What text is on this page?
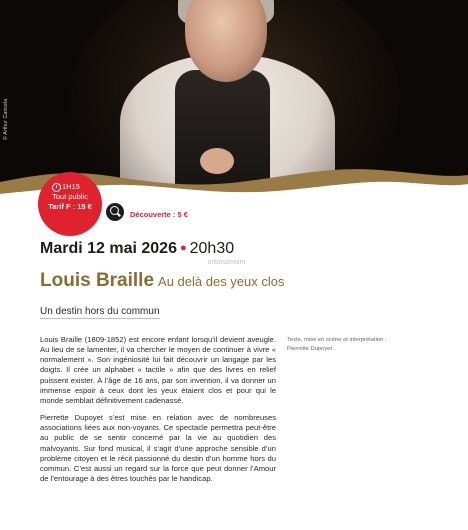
© Arthur Cancela
1H15
Tout public
Tarif F : 15 €
Découverte : 5 €
Mardi 12 mai 2026 ● 20h30
inforuimum
Louis Braille Au delà des yeux clos
Un destin hors du commun

Louis Braille (1809-1852) est encore enfant lorsqu’il devient aveugle. Au lieu de se lamenter, il va chercher le moyen de continuer à vivre « normalement ». Son ingéniosité lui fait découvrir un langage par les doigts. Il crée un alphabet « tactile » afin que des livres en relief puissent exister. À l’âge de 16 ans, par son invention, il va donner un immense espoir à ceux dont les yeux étaient clos et pour qui le monde semblait définitivement cadenassé.

Pierrette Dupoyet s’est mise en relation avec de nombreuses associations liées aux non-voyants. Ce spectacle permettra peut-être au public de se sentir concerné par la vie au quotidien des malvoyants. Sur fond musical, il s’agit d’une approche sensible d’un problème citoyen et le récit passionné du destin d’un homme hors du commun. C’est aussi un regard sur la force que peut donner l’Amour de l’entourage à des êtres touchés par le handicap.

Texte, mise en scène et interprétation :
Pierrette Dupoyet
